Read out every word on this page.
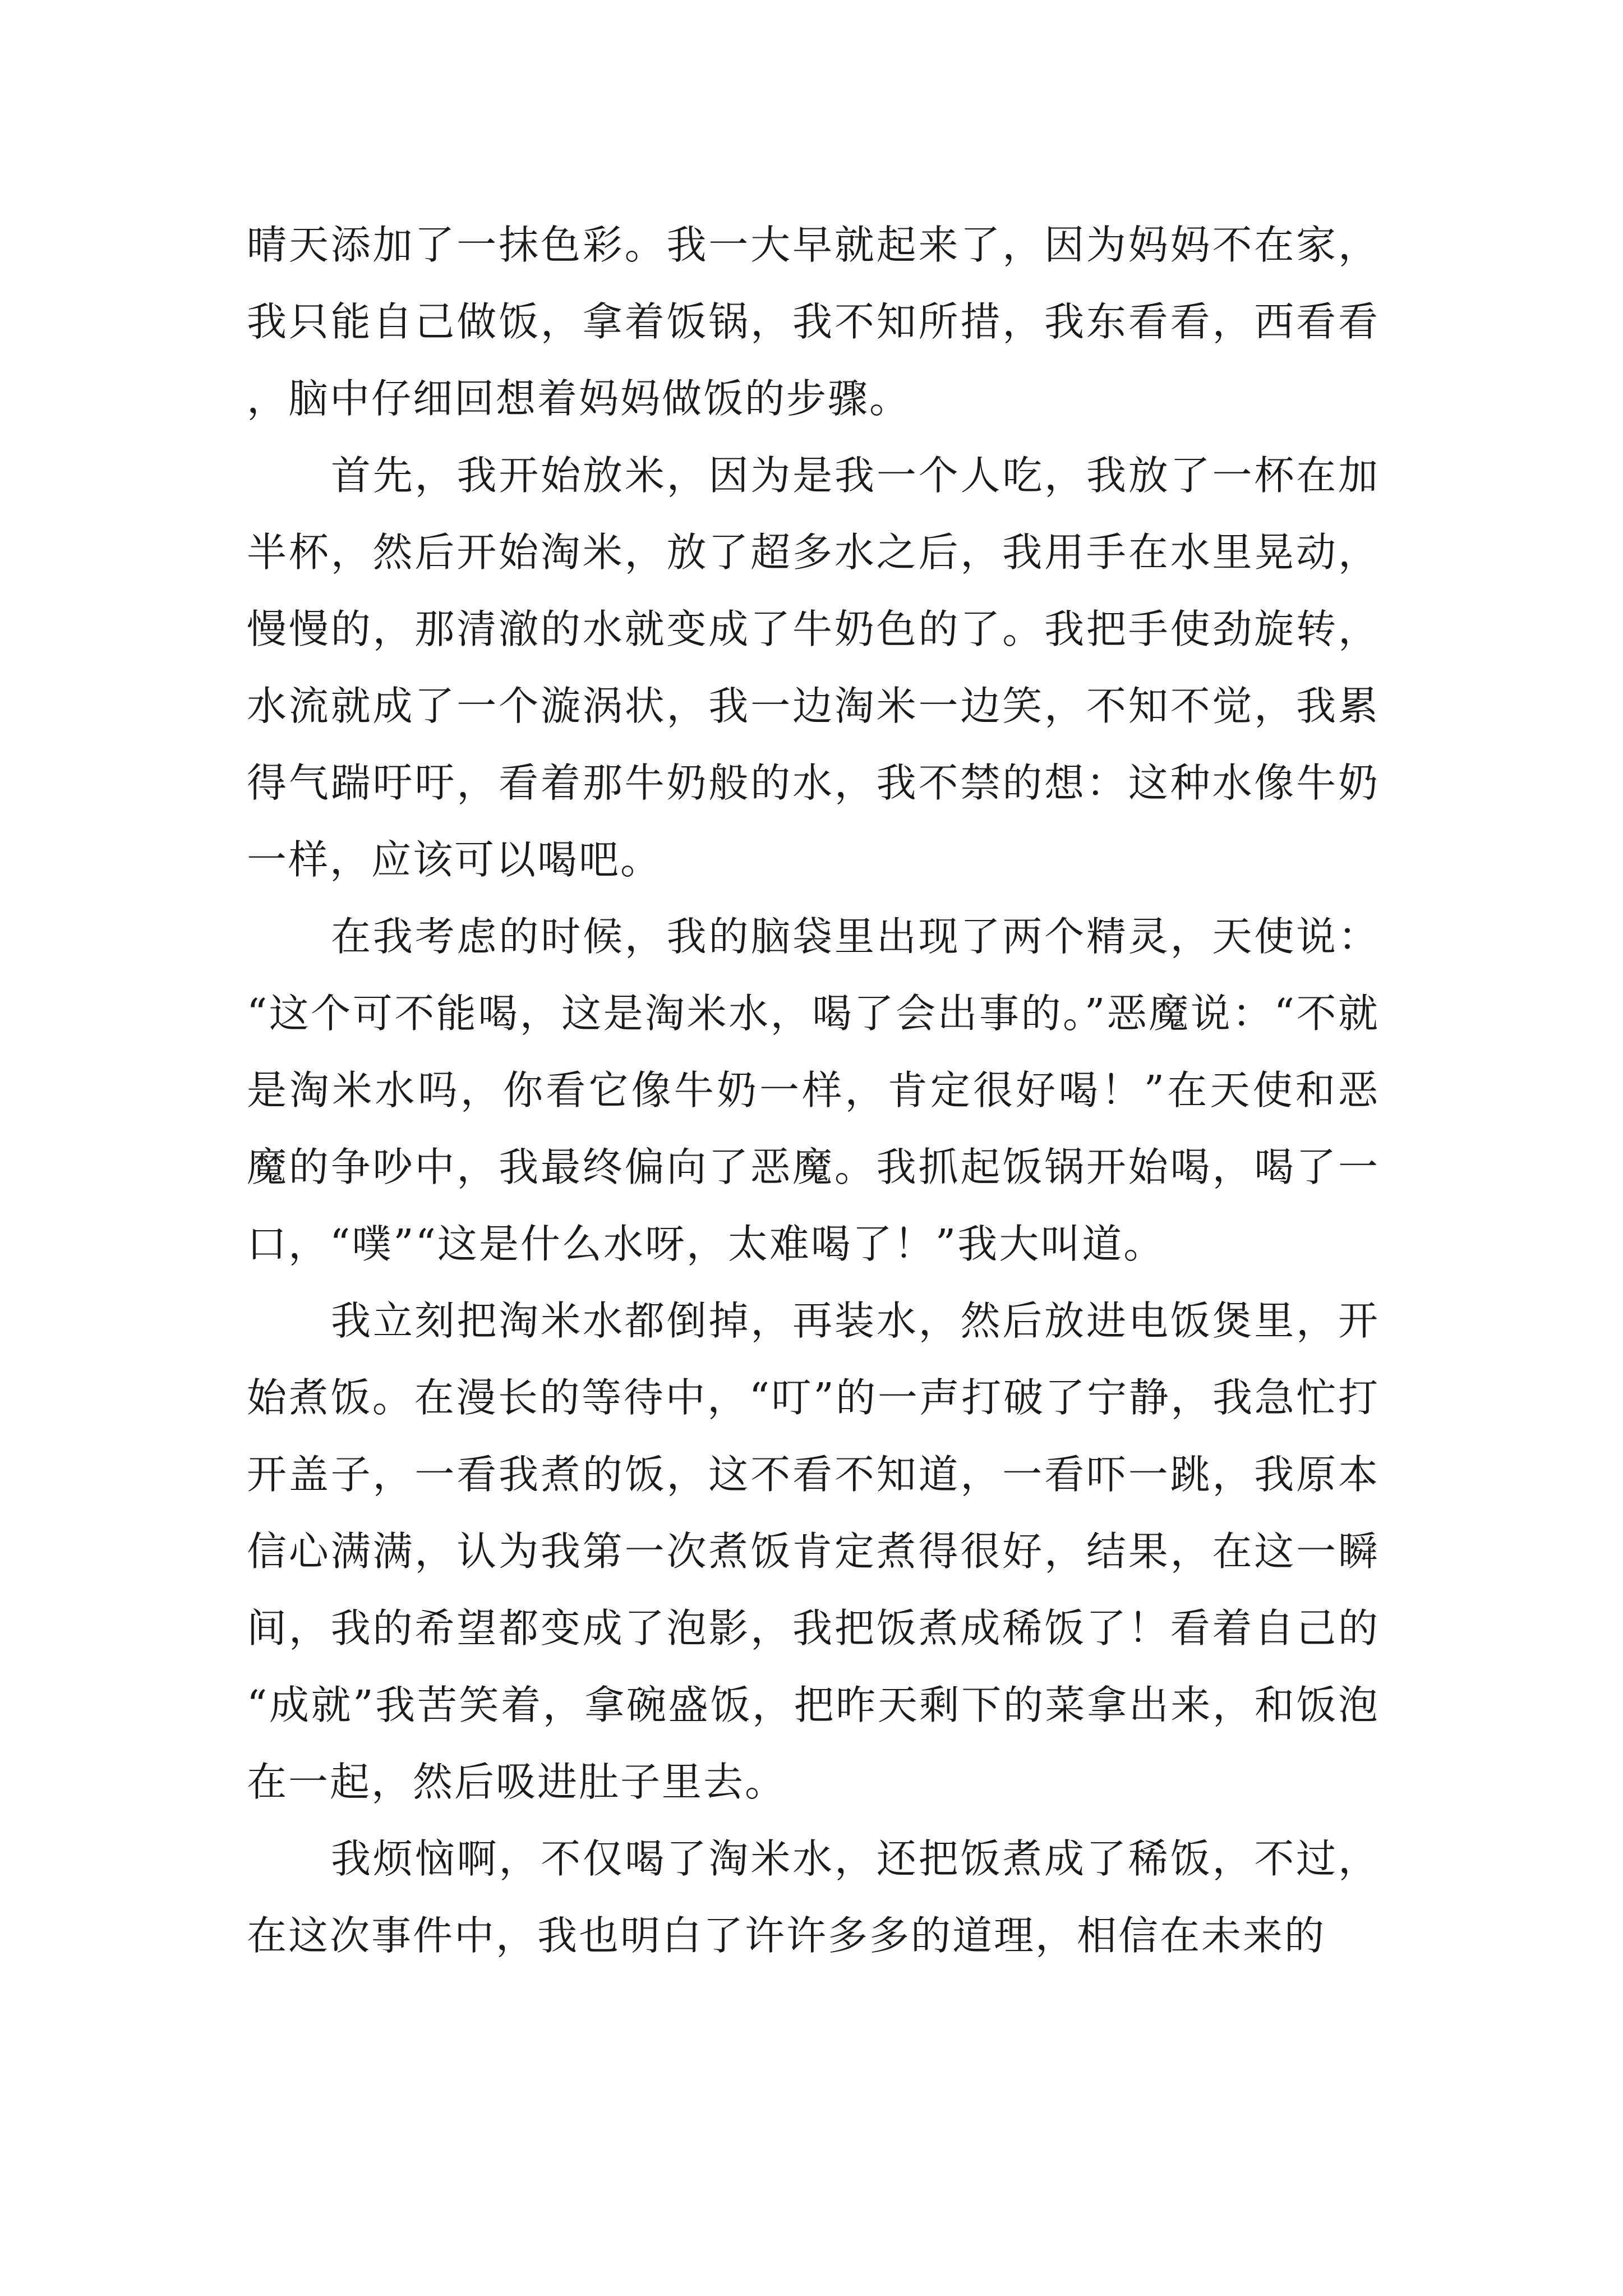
晴天添加了一抹色彩。我一大早就起来了，因为妈妈不在家，我只能自己做饭，拿着饭锅，我不知所措，我东看看，西看看，脑中仔细回想着妈妈做饭的步骤。

首先，我开始放米，因为是我一个人吃，我放了一杯在加半杯，然后开始淘米，放了超多水之后，我用手在水里晃动，慢慢的，那清澈的水就变成了牛奶色的了。我把手使劲旋转，水流就成了一个漩涡状，我一边淘米一边笑，不知不觉，我累得气踹吁吁，看着那牛奶般的水，我不禁的想：这种水像牛奶一样，应该可以喝吧。

在我考虑的时候，我的脑袋里出现了两个精灵，天使说：“这个可不能喝，这是淘米水，喝了会出事的。”恶魔说：“不就是淘米水吗，你看它像牛奶一样，肯定很好喝！”在天使和恶魔的争吵中，我最终偏向了恶魔。我抓起饭锅开始喝，喝了一口，“噗”“这是什么水呀，太难喝了！”我大叫道。

我立刻把淘米水都倒掉，再装水，然后放进电饭煲里，开始煮饭。在漫长的等待中，“叮”的一声打破了宁静，我急忙打开盖子，一看我煮的饭，这不看不知道，一看吓一跳，我原本信心满满，认为我第一次煮饭肯定煮得很好，结果，在这一瞬间，我的希望都变成了泡影，我把饭煮成稀饭了！看着自己的“成就”我苦笑着，拿碗盛饭，把昨天剩下的菜拿出来，和饭泡在一起，然后吸进肚子里去。

我烦恼啊，不仅喝了淘米水，还把饭煮成了稀饭，不过，在这次事件中，我也明白了许许多多的道理，相信在未来的
